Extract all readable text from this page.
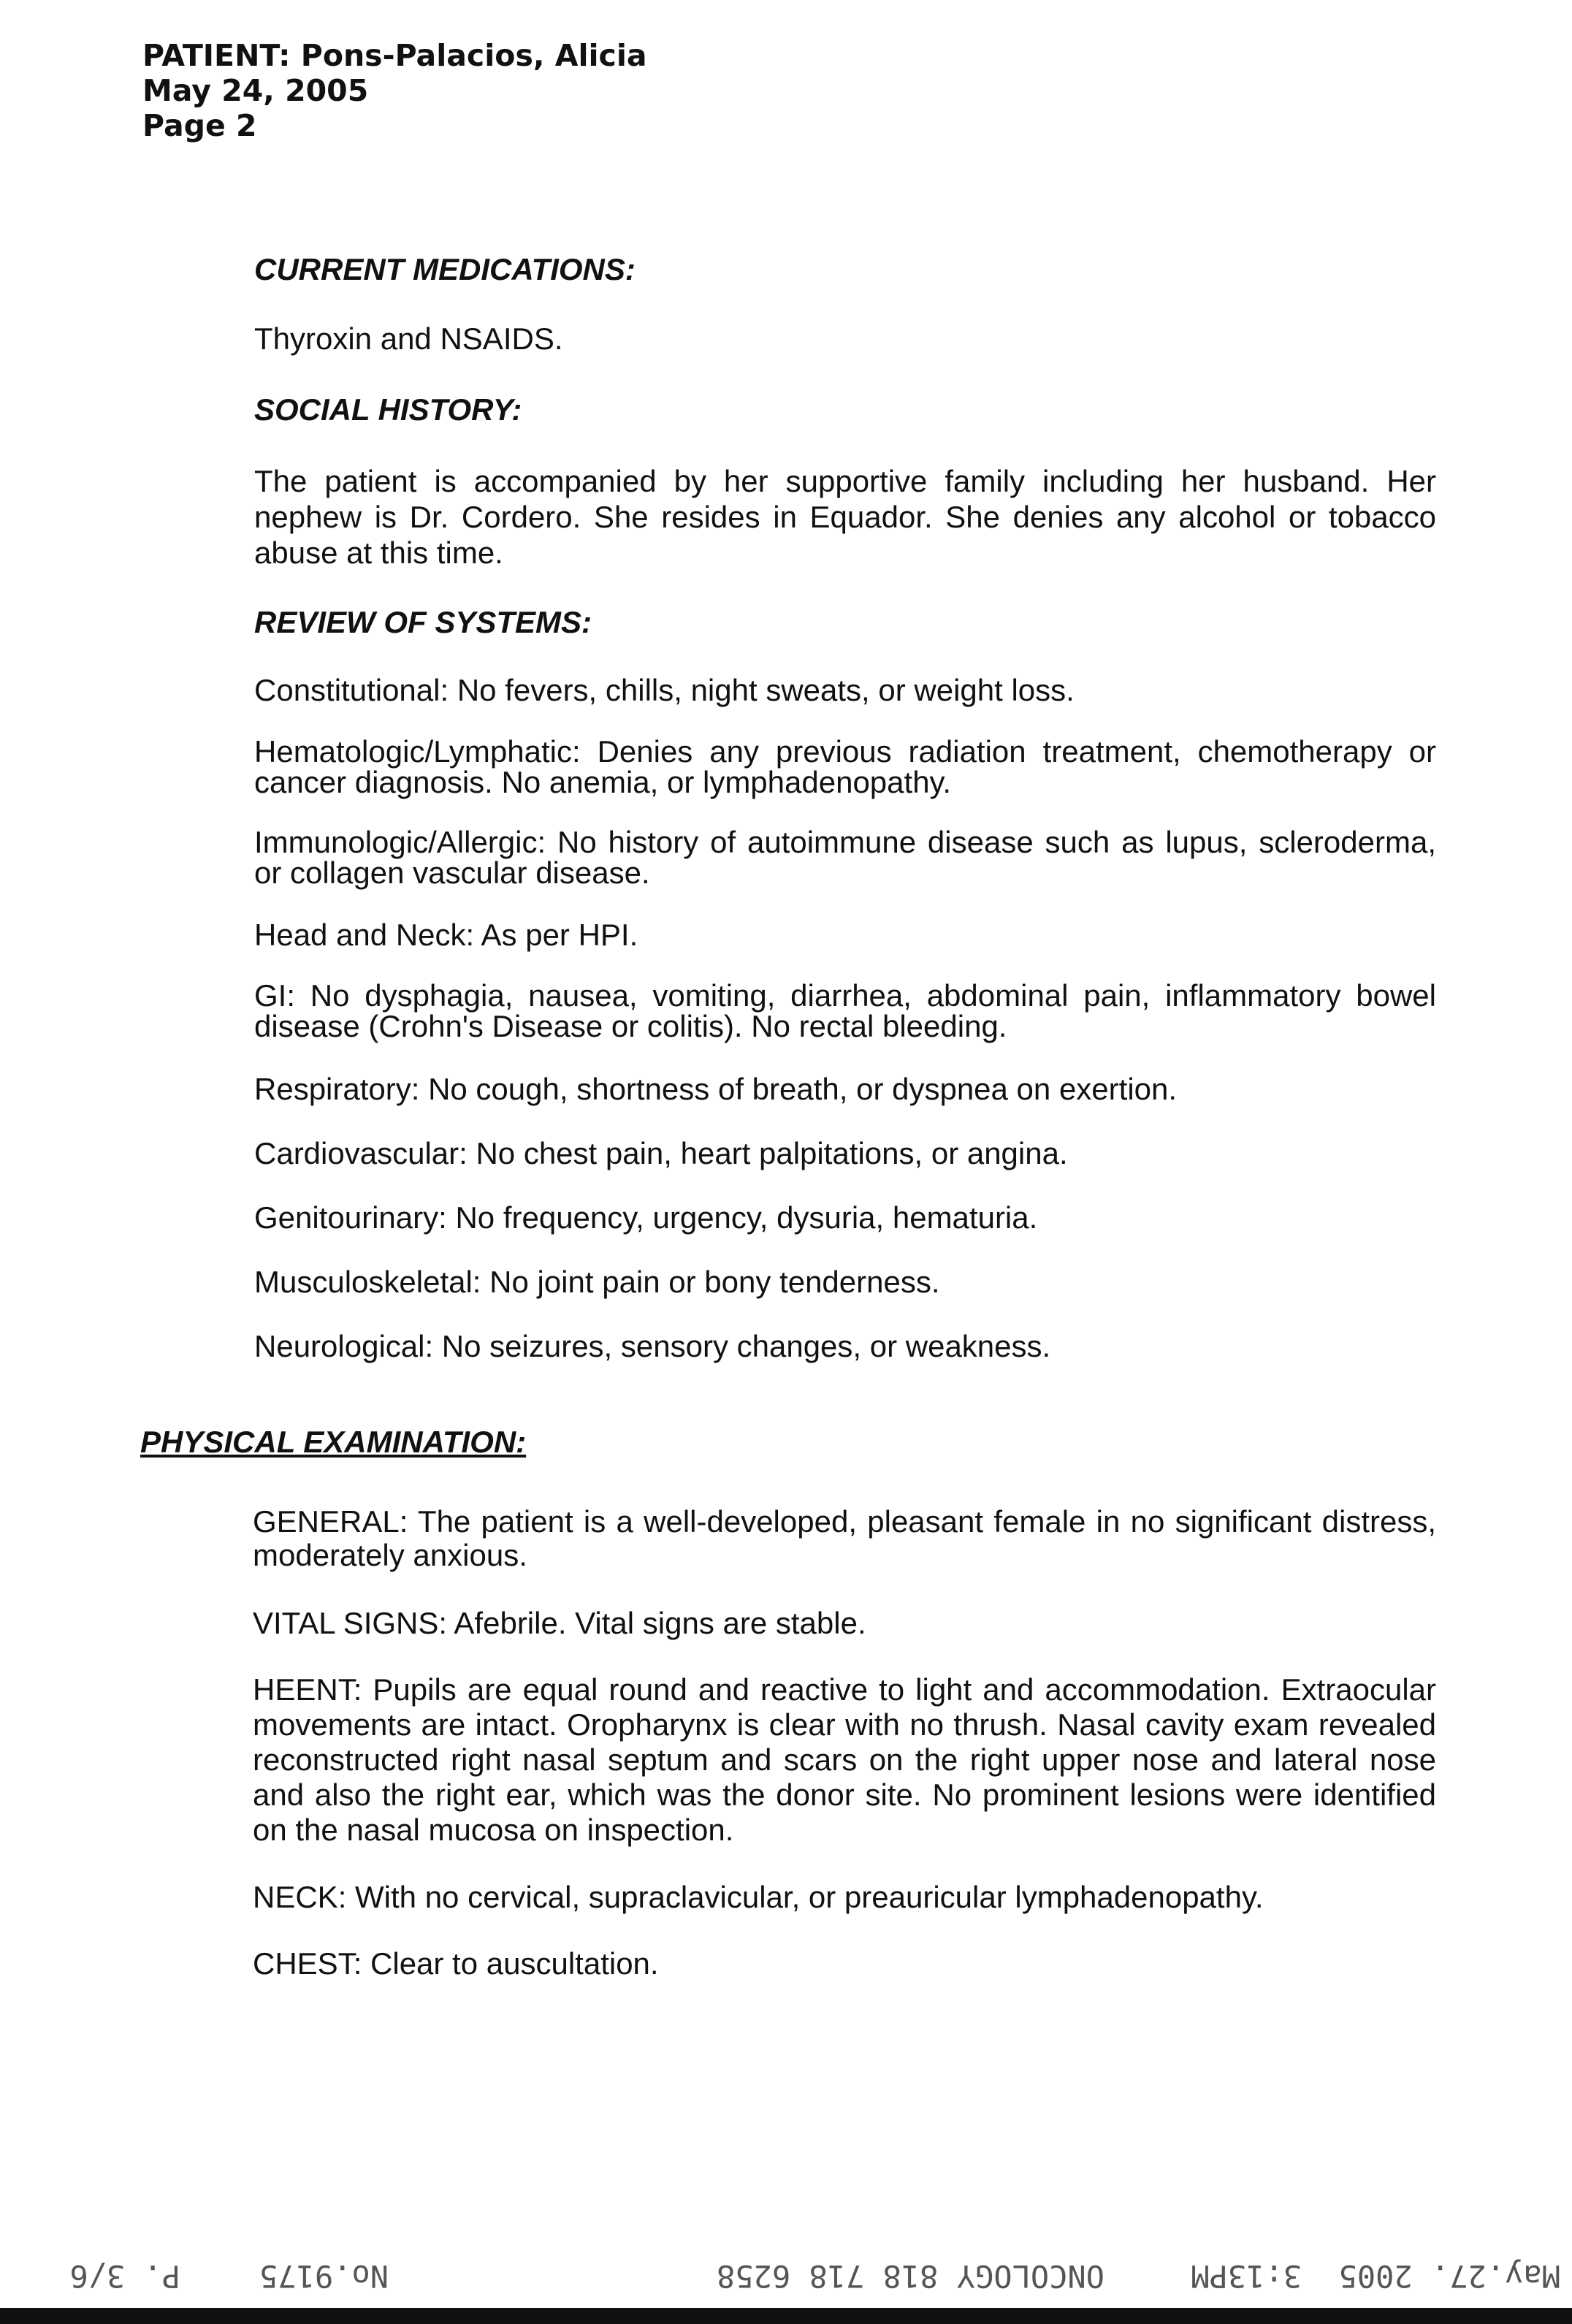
PATIENT: Pons-Palacios, Alicia
May 24, 2005
Page 2

CURRENT MEDICATIONS:

Thyroxin and NSAIDS.

SOCIAL HISTORY:

The patient is accompanied by her supportive family including her husband. Her nephew is Dr. Cordero. She resides in Equador. She denies any alcohol or tobacco abuse at this time.

REVIEW OF SYSTEMS:

Constitutional: No fevers, chills, night sweats, or weight loss.

Hematologic/Lymphatic: Denies any previous radiation treatment, chemotherapy or cancer diagnosis. No anemia, or lymphadenopathy.

Immunologic/Allergic: No history of autoimmune disease such as lupus, scleroderma, or collagen vascular disease.

Head and Neck: As per HPI.

GI: No dysphagia, nausea, vomiting, diarrhea, abdominal pain, inflammatory bowel disease (Crohn's Disease or colitis). No rectal bleeding.

Respiratory: No cough, shortness of breath, or dyspnea on exertion.

Cardiovascular: No chest pain, heart palpitations, or angina.

Genitourinary: No frequency, urgency, dysuria, hematuria.

Musculoskeletal: No joint pain or bony tenderness.

Neurological: No seizures, sensory changes, or weakness.

PHYSICAL EXAMINATION:

GENERAL: The patient is a well-developed, pleasant female in no significant distress, moderately anxious.

VITAL SIGNS: Afebrile. Vital signs are stable.

HEENT: Pupils are equal round and reactive to light and accommodation. Extraocular movements are intact. Oropharynx is clear with no thrush. Nasal cavity exam revealed reconstructed right nasal septum and scars on the right upper nose and lateral nose and also the right ear, which was the donor site. No prominent lesions were identified on the nasal mucosa on inspection.

NECK: With no cervical, supraclavicular, or preauricular lymphadenopathy.

CHEST: Clear to auscultation.

May.27. 2005  3:13PM
ONCOLOGY 818 718 6258
No.9175
P. 3/6
